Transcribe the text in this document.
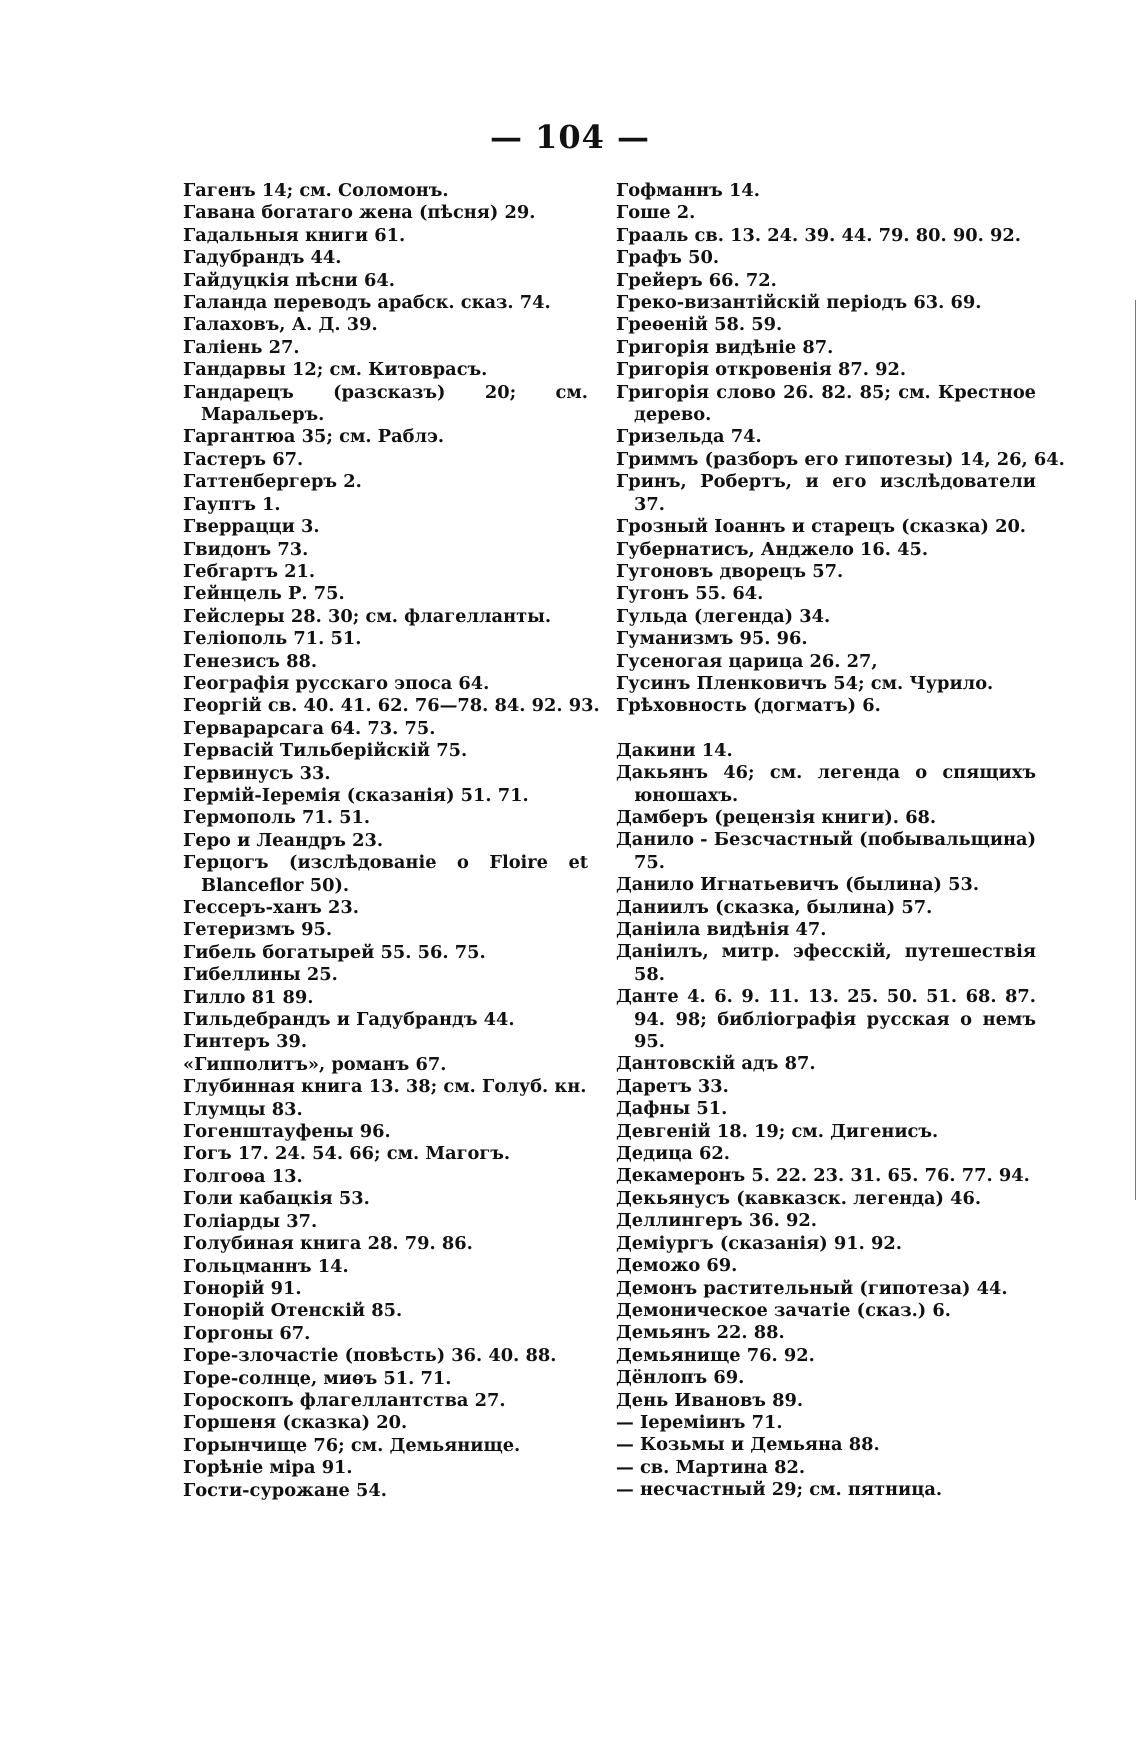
— 104 —
Гагенъ 14; см. Соломонъ.
Гавана богатаго жена (пѣсня) 29.
Гадальныя книги 61.
Гадубрандъ 44.
Гайдуцкія пѣсни 64.
Галанда переводъ арабск. сказ. 74.
Галаховъ, А. Д. 39.
Галіень 27.
Гандарвы 12; см. Китоврасъ.
Гандарецъ (разсказъ) 20; см. Маральеръ.
Гаргантюа 35; см. Раблэ.
Гастеръ 67.
Гаттенбергеръ 2.
Гауптъ 1.
Гверрацци 3.
Гвидонъ 73.
Гебгартъ 21.
Гейнцель Р. 75.
Гейслеры 28. 30; см. флагелланты.
Геліополь 71. 51.
Генезисъ 88.
Географія русскаго эпоса 64.
Георгій св. 40. 41. 62. 76—78. 84. 92. 93.
Герварарсага 64. 73. 75.
Гервасій Тильберійскій 75.
Гервинусъ 33.
Гермій-Іеремія (сказанія) 51. 71.
Гермополь 71. 51.
Геро и Леандръ 23.
Герцогъ (изслѣдованіе о Floire et Blanceflor 50).
Гессеръ-ханъ 23.
Гетеризмъ 95.
Гибель богатырей 55. 56. 75.
Гибеллины 25.
Гилло 81 89.
Гильдебрандъ и Гадубрандъ 44.
Гинтеръ 39.
«Гипполитъ», романъ 67.
Глубинная книга 13. 38; см. Голуб. кн.
Глумцы 83.
Гогенштауфены 96.
Гогъ 17. 24. 54. 66; см. Магогъ.
Голгоѳа 13.
Голи кабацкія 53.
Голіарды 37.
Голубиная книга 28. 79. 86.
Гольцманнъ 14.
Гонорій 91.
Гонорій Отенскій 85.
Горгоны 67.
Горе-злочастіе (повѣсть) 36. 40. 88.
Горе-солнце, миѳъ 51. 71.
Гороскопъ флагеллантства 27.
Горшеня (сказка) 20.
Горынчище 76; см. Демьянище.
Горѣніе міра 91.
Гости-сурожане 54.
Гофманнъ 14.
Гоше 2.
Грааль св. 13. 24. 39. 44. 79. 80. 90. 92.
Графъ 50.
Грейеръ 66. 72.
Греко-византійскій періодъ 63. 69.
Греѳеній 58. 59.
Григорія видѣніе 87.
Григорія откровенія 87. 92.
Григорія слово 26. 82. 85; см. Крестное дерево.
Гризельда 74.
Гриммъ (разборъ его гипотезы) 14, 26, 64.
Гринъ, Робертъ, и его изслѣдователи 37.
Грозный Іоаннъ и старецъ (сказка) 20.
Губернатисъ, Анджело 16. 45.
Гугоновъ дворецъ 57.
Гугонъ 55. 64.
Гульда (легенда) 34.
Гуманизмъ 95. 96.
Гусеногая царица 26. 27,
Гусинъ Пленковичъ 54; см. Чурило.
Грѣховность (догматъ) 6.
Дакини 14.
Дакьянъ 46; см. легенда о спящихъ юношахъ.
Дамберъ (рецензія книги). 68.
Данило - Безсчастный (побывальщина) 75.
Данило Игнатьевичъ (былина) 53.
Даниилъ (сказка, былина) 57.
Даніила видѣнія 47.
Даніилъ, митр. эфесскій, путешествія 58.
Данте 4. 6. 9. 11. 13. 25. 50. 51. 68. 87. 94. 98; библіографія русская о немъ 95.
Дантовскій адъ 87.
Даретъ 33.
Дафны 51.
Девгеній 18. 19; см. Дигенисъ.
Дедица 62.
Декамеронъ 5. 22. 23. 31. 65. 76. 77. 94.
Декьянусъ (кавказск. легенда) 46.
Деллингеръ 36. 92.
Деміургъ (сказанія) 91. 92.
Деможо 69.
Демонъ растительный (гипотеза) 44.
Демоническое зачатіе (сказ.) 6.
Демьянъ 22. 88.
Демьянище 76. 92.
Дёнлопъ 69.
День Ивановъ 89.
— Іереміинъ 71.
— Козьмы и Демьяна 88.
— св. Мартина 82.
— несчастный 29; см. пятница.
